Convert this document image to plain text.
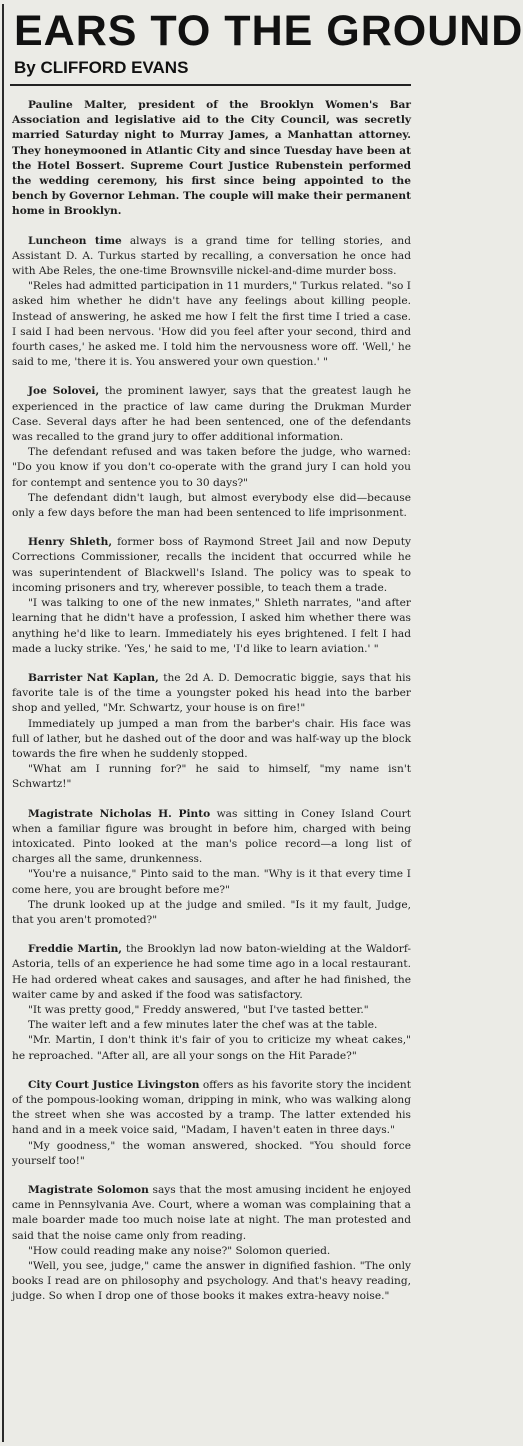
EARS TO THE GROUND
By CLIFFORD EVANS

Pauline Malter, president of the Brooklyn Women's Bar Association and legislative aid to the City Council, was secretly married Saturday night to Murray James, a Manhattan attorney. They honeymooned in Atlantic City and since Tuesday have been at the Hotel Bossert. Supreme Court Justice Rubenstein performed the wedding ceremony, his first since being appointed to the bench by Governor Lehman. The couple will make their permanent home in Brooklyn.

Luncheon time always is a grand time for telling stories, and Assistant D. A. Turkus started by recalling, a conversation he once had with Abe Reles, the one-time Brownsville nickel-and-dime murder boss.

"Reles had admitted participation in 11 murders," Turkus related. "so I asked him whether he didn't have any feelings about killing people. Instead of answering, he asked me how I felt the first time I tried a case. I said I had been nervous. 'How did you feel after your second, third and fourth cases,' he asked me. I told him the nervousness wore off. 'Well,' he said to me, 'there it is. You answered your own question.' "

Joe Solovei, the prominent lawyer, says that the greatest laugh he experienced in the practice of law came during the Drukman Murder Case. Several days after he had been sentenced, one of the defendants was recalled to the grand jury to offer additional information.

The defendant refused and was taken before the judge, who warned: "Do you know if you don't co-operate with the grand jury I can hold you for contempt and sentence you to 30 days?"

The defendant didn't laugh, but almost everybody else did—because only a few days before the man had been sentenced to life imprisonment.

Henry Shleth, former boss of Raymond Street Jail and now Deputy Corrections Commissioner, recalls the incident that occurred while he was superintendent of Blackwell's Island. The policy was to speak to incoming prisoners and try, wherever possible, to teach them a trade.

"I was talking to one of the new inmates," Shleth narrates, "and after learning that he didn't have a profession, I asked him whether there was anything he'd like to learn. Immediately his eyes brightened. I felt I had made a lucky strike. 'Yes,' he said to me, 'I'd like to learn aviation.' "

Barrister Nat Kaplan, the 2d A. D. Democratic biggie, says that his favorite tale is of the time a youngster poked his head into the barber shop and yelled, "Mr. Schwartz, your house is on fire!"

Immediately up jumped a man from the barber's chair. His face was full of lather, but he dashed out of the door and was half-way up the block towards the fire when he suddenly stopped.

"What am I running for?" he said to himself, "my name isn't Schwartz!"

Magistrate Nicholas H. Pinto was sitting in Coney Island Court when a familiar figure was brought in before him, charged with being intoxicated. Pinto looked at the man's police record—a long list of charges all the same, drunkenness.

"You're a nuisance," Pinto said to the man. "Why is it that every time I come here, you are brought before me?"

The drunk looked up at the judge and smiled. "Is it my fault, Judge, that you aren't promoted?"

Freddie Martin, the Brooklyn lad now baton-wielding at the Waldorf-Astoria, tells of an experience he had some time ago in a local restaurant. He had ordered wheat cakes and sausages, and after he had finished, the waiter came by and asked if the food was satisfactory.

"It was pretty good," Freddy answered, "but I've tasted better."

The waiter left and a few minutes later the chef was at the table.

"Mr. Martin, I don't think it's fair of you to criticize my wheat cakes," he reproached. "After all, are all your songs on the Hit Parade?"

City Court Justice Livingston offers as his favorite story the incident of the pompous-looking woman, dripping in mink, who was walking along the street when she was accosted by a tramp. The latter extended his hand and in a meek voice said, "Madam, I haven't eaten in three days."

"My goodness," the woman answered, shocked. "You should force yourself too!"

Magistrate Solomon says that the most amusing incident he enjoyed came in Pennsylvania Ave. Court, where a woman was complaining that a male boarder made too much noise late at night. The man protested and said that the noise came only from reading.

"How could reading make any noise?" Solomon queried.

"Well, you see, judge," came the answer in dignified fashion. "The only books I read are on philosophy and psychology. And that's heavy reading, judge. So when I drop one of those books it makes extra-heavy noise."
